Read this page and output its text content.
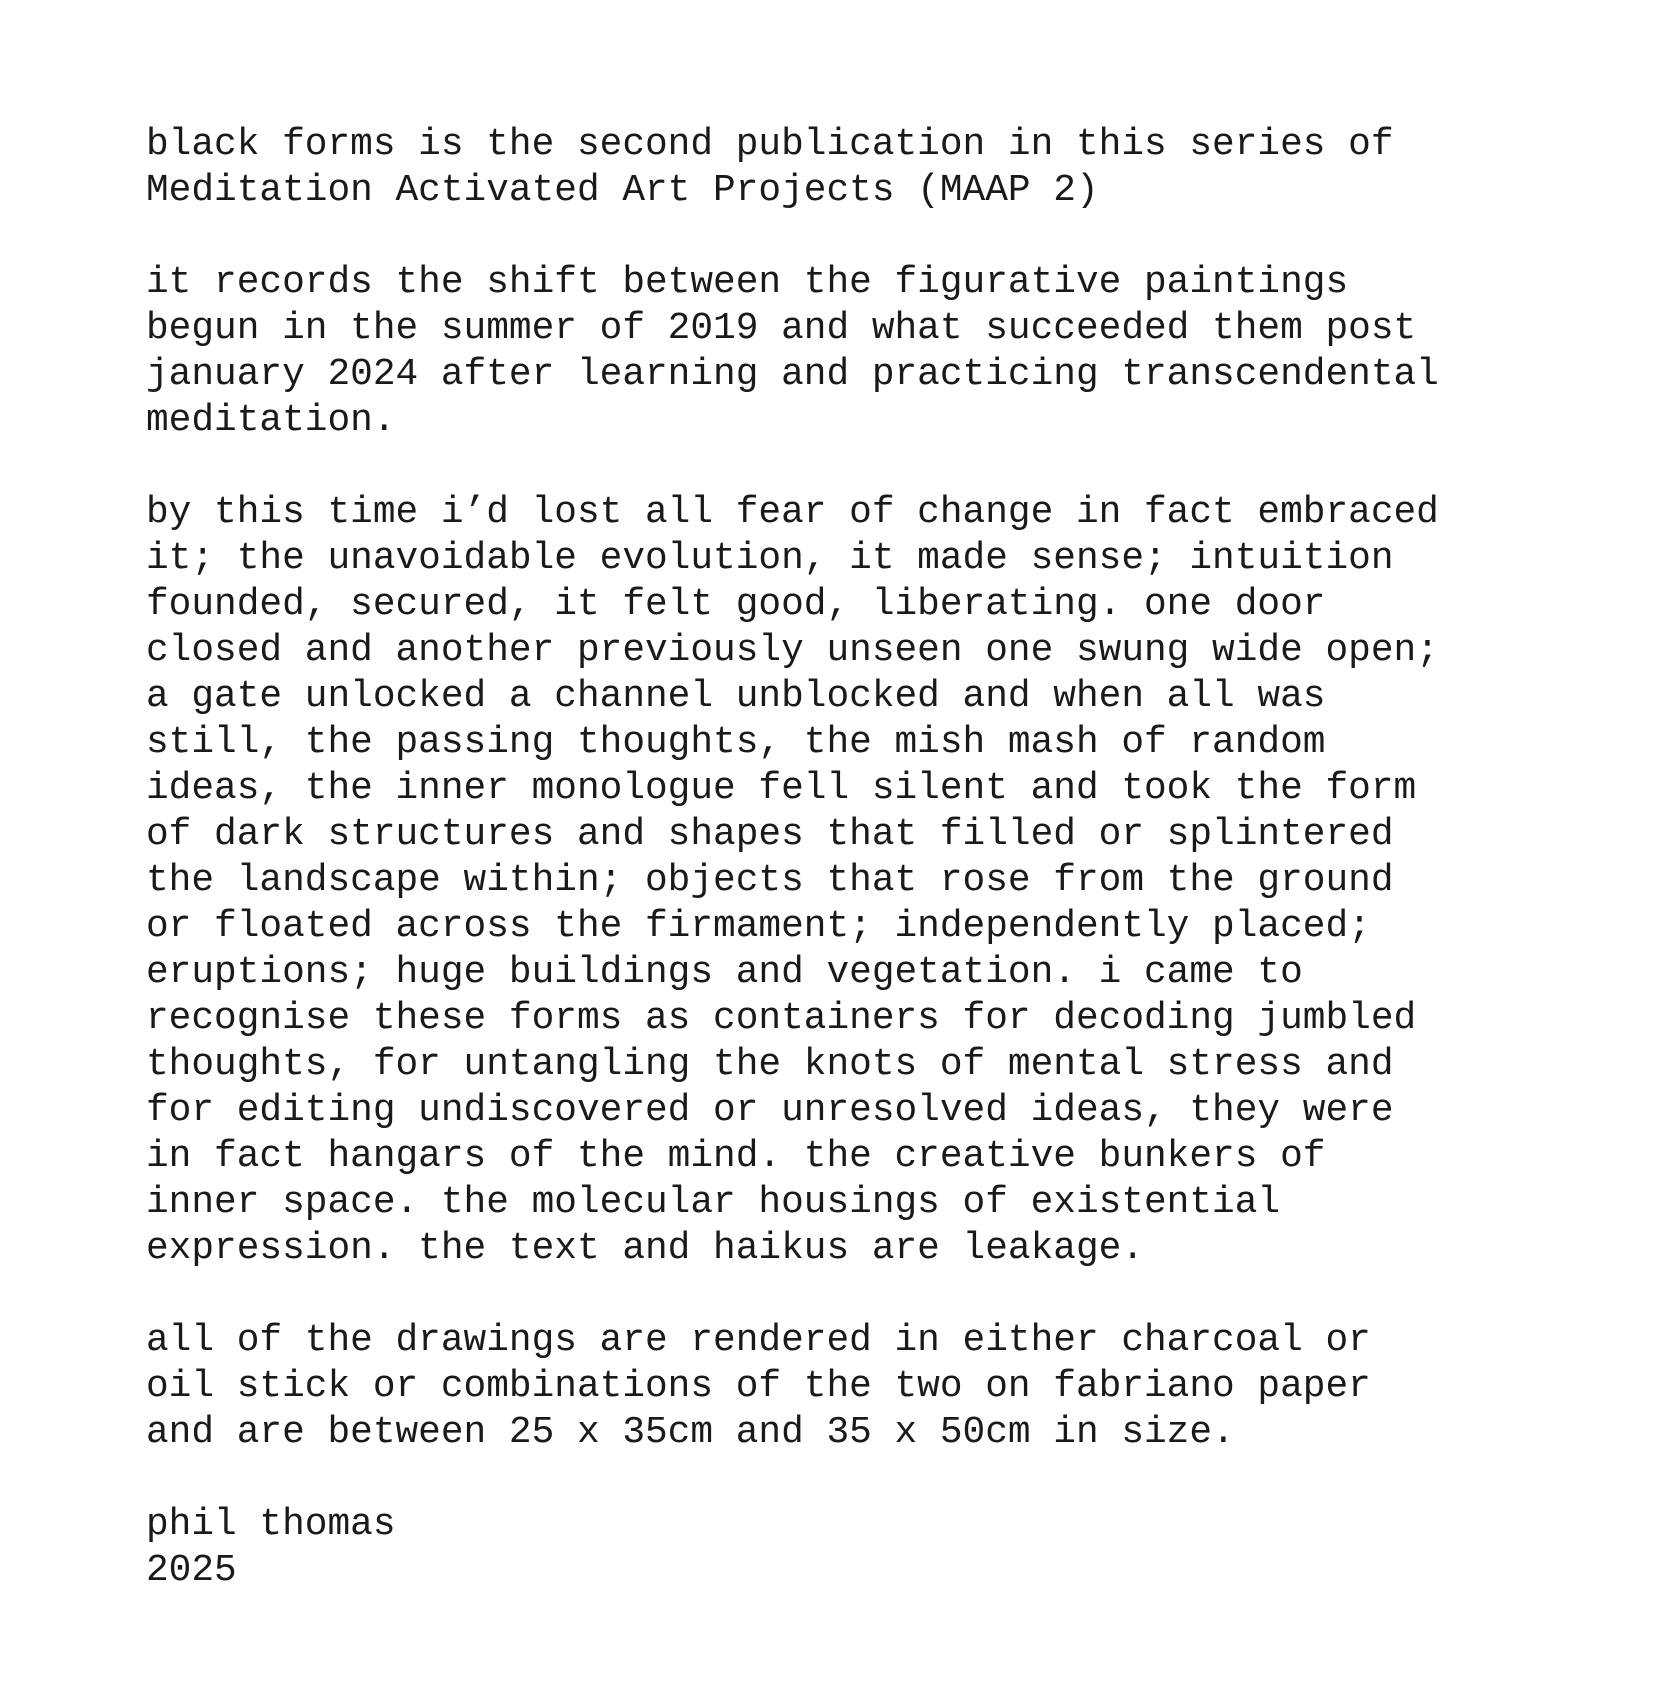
black forms is the second publication in this series of
Meditation Activated Art Projects (MAAP 2)
it records the shift between the figurative paintings
begun in the summer of 2019 and what succeeded them post
january 2024 after learning and practicing transcendental
meditation.
by this time i’d lost all fear of change in fact embraced
it; the unavoidable evolution, it made sense; intuition
founded, secured, it felt good, liberating. one door
closed and another previously unseen one swung wide open;
a gate unlocked a channel unblocked and when all was
still, the passing thoughts, the mish mash of random
ideas, the inner monologue fell silent and took the form
of dark structures and shapes that filled or splintered
the landscape within; objects that rose from the ground
or floated across the firmament; independently placed;
eruptions; huge buildings and vegetation. i came to
recognise these forms as containers for decoding jumbled
thoughts, for untangling the knots of mental stress and
for editing undiscovered or unresolved ideas, they were
in fact hangars of the mind. the creative bunkers of
inner space. the molecular housings of existential
expression. the text and haikus are leakage.
all of the drawings are rendered in either charcoal or
oil stick or combinations of the two on fabriano paper
and are between 25 x 35cm and 35 x 50cm in size.
phil thomas
2025
